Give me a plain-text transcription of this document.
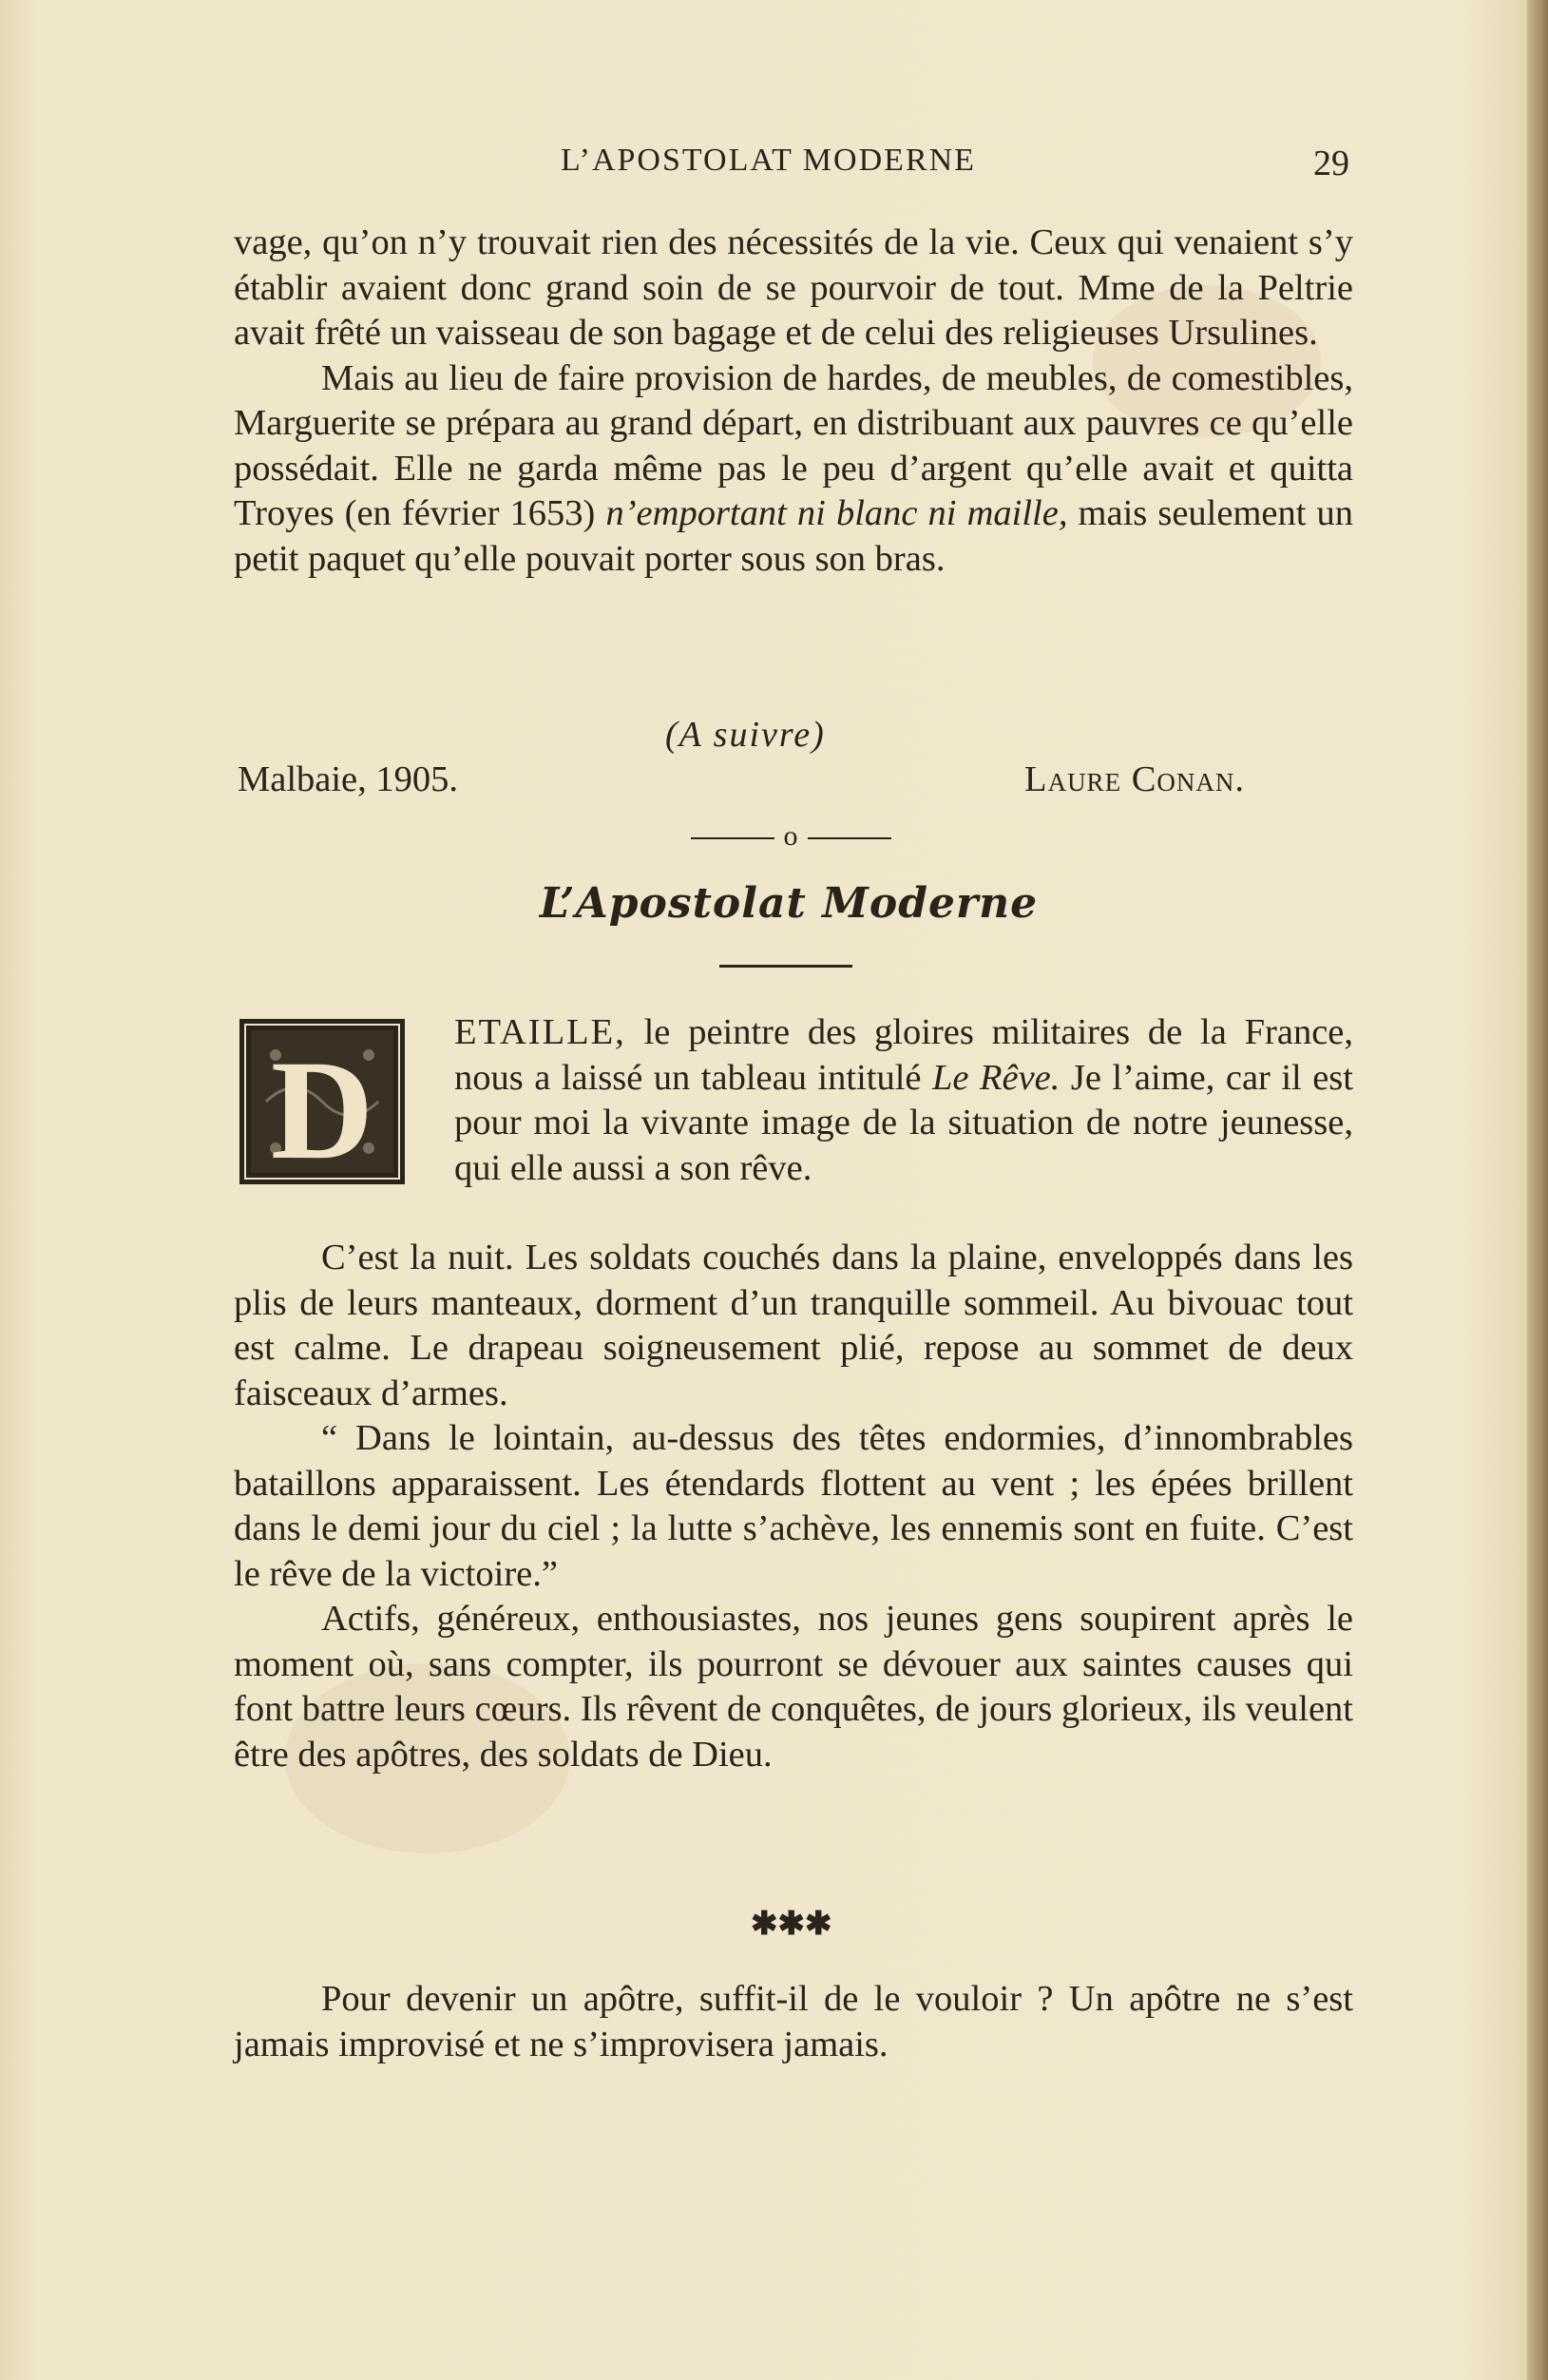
L’APOSTOLAT MODERNE	29

vage, qu’on n’y trouvait rien des nécessités de la vie. Ceux qui venaient s’y établir avaient donc grand soin de se pourvoir de tout. Mme de la Peltrie avait frêté un vaisseau de son bagage et de celui des religieuses Ursulines.

Mais au lieu de faire provision de hardes, de meubles, de comestibles, Marguerite se prépara au grand départ, en distribuant aux pauvres ce qu’elle possédait. Elle ne garda même pas le peu d’argent qu’elle avait et quitta Troyes (en février 1653) n’emportant ni blanc ni maille, mais seulement un petit paquet qu’elle pouvait porter sous son bras.

(A suivre)
Malbaie, 1905.	Laure Conan.
o
L’Apostolat Moderne
D ETAILLE, le peintre des gloires militaires de la France, nous a laissé un tableau intitulé Le Rêve. Je l’aime, car il est pour moi la vivante image de la situation de notre jeunesse, qui elle aussi a son rêve.

C’est la nuit. Les soldats couchés dans la plaine, enveloppés dans les plis de leurs manteaux, dorment d’un tranquille sommeil. Au bivouac tout est calme. Le drapeau soigneusement plié, repose au sommet de deux faisceaux d’armes.

“ Dans le lointain, au-dessus des têtes endormies, d’innombrables bataillons apparaissent. Les étendards flottent au vent ; les épées brillent dans le demi jour du ciel ; la lutte s’achève, les ennemis sont en fuite. C’est le rêve de la victoire.”

Actifs, généreux, enthousiastes, nos jeunes gens soupirent après le moment où, sans compter, ils pourront se dévouer aux saintes causes qui font battre leurs cœurs. Ils rêvent de conquêtes, de jours glorieux, ils veulent être des apôtres, des soldats de Dieu.

✱✱✱

Pour devenir un apôtre, suffit-il de le vouloir ? Un apôtre ne s’est jamais improvisé et ne s’improvisera jamais.
